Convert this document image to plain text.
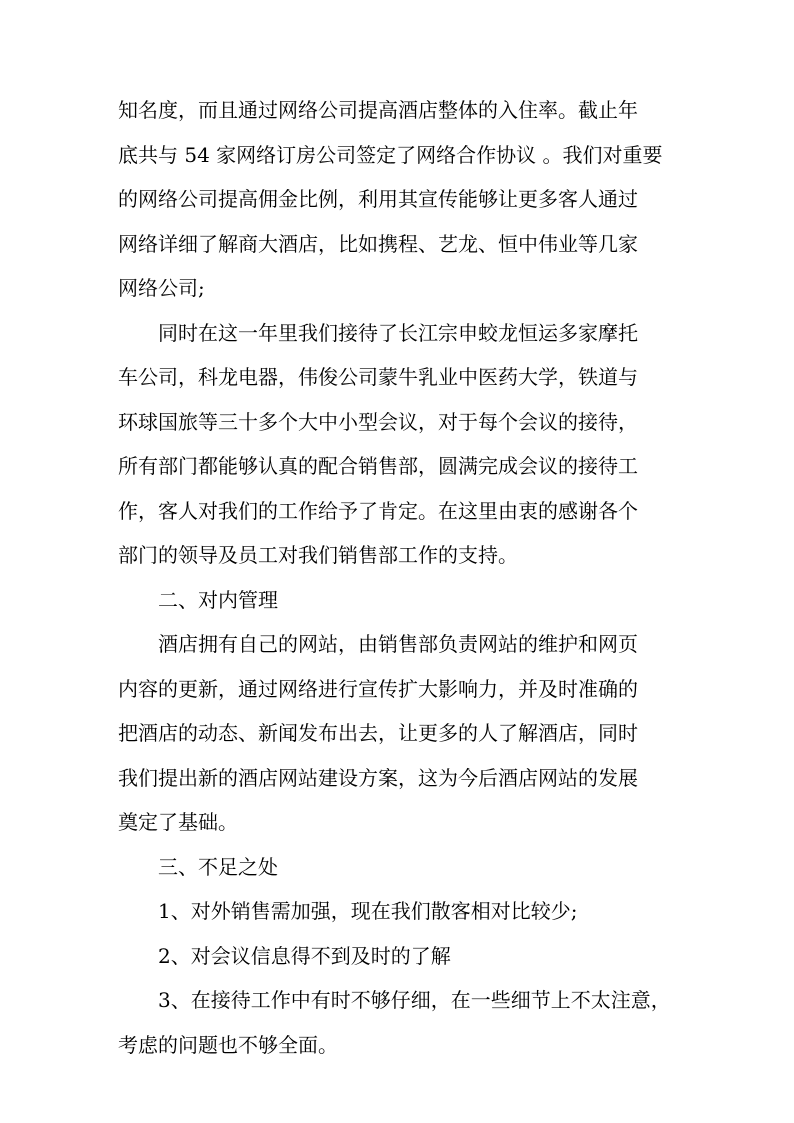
知名度，而且通过网络公司提高酒店整体的入住率。截止年
底共与 54 家网络订房公司签定了网络合作协议 。我们对重要
的网络公司提高佣金比例，利用其宣传能够让更多客人通过
网络详细了解商大酒店，比如携程、艺龙、恒中伟业等几家
网络公司;
同时在这一年里我们接待了长江宗申蛟龙恒运多家摩托
车公司，科龙电器，伟俊公司蒙牛乳业中医药大学，铁道与
环球国旅等三十多个大中小型会议，对于每个会议的接待，
所有部门都能够认真的配合销售部，圆满完成会议的接待工
作，客人对我们的工作给予了肯定。在这里由衷的感谢各个
部门的领导及员工对我们销售部工作的支持。
二、对内管理
酒店拥有自己的网站，由销售部负责网站的维护和网页
内容的更新，通过网络进行宣传扩大影响力，并及时准确的
把酒店的动态、新闻发布出去，让更多的人了解酒店，同时
我们提出新的酒店网站建设方案，这为今后酒店网站的发展
奠定了基础。
三、不足之处
1、对外销售需加强，现在我们散客相对比较少;
2、对会议信息得不到及时的了解
3、在接待工作中有时不够仔细，在一些细节上不太注意，
考虑的问题也不够全面。
